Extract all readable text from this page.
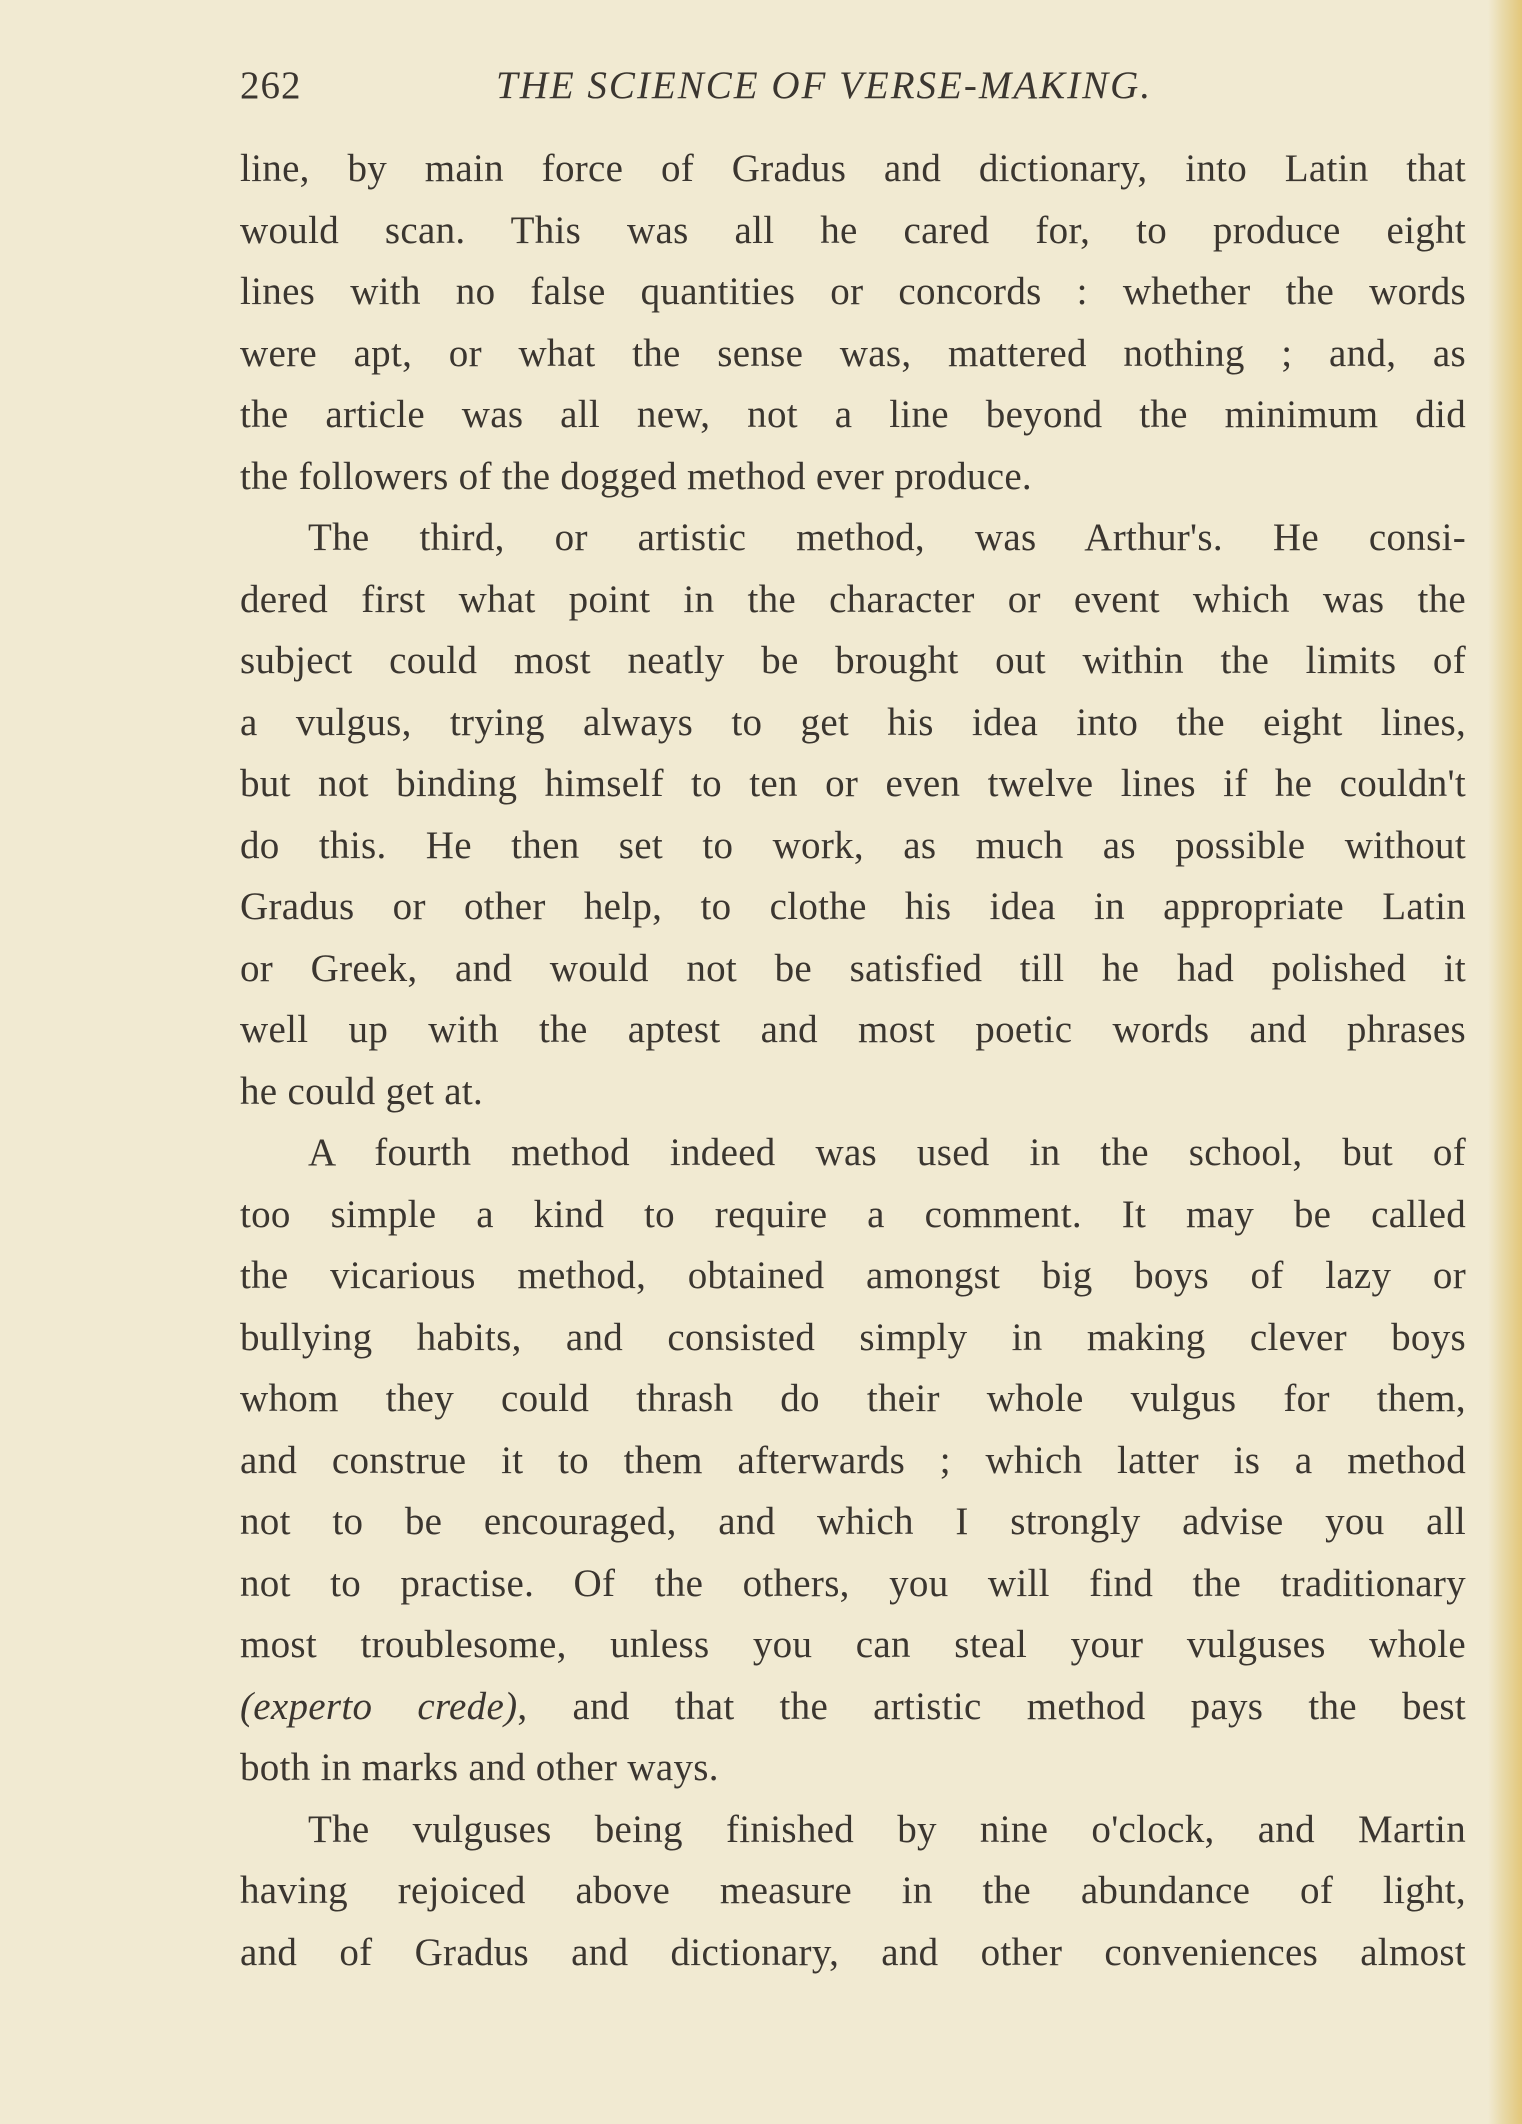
262	THE SCIENCE OF VERSE-MAKING.
line, by main force of Gradus and dictionary, into Latin that
would scan. This was all he cared for, to produce eight
lines with no false quantities or concords : whether the words
were apt, or what the sense was, mattered nothing ; and, as
the article was all new, not a line beyond the minimum did
the followers of the dogged method ever produce.
The third, or artistic method, was Arthur's. He consi-
dered first what point in the character or event which was the
subject could most neatly be brought out within the limits of
a vulgus, trying always to get his idea into the eight lines,
but not binding himself to ten or even twelve lines if he couldn't
do this. He then set to work, as much as possible without
Gradus or other help, to clothe his idea in appropriate Latin
or Greek, and would not be satisfied till he had polished it
well up with the aptest and most poetic words and phrases
he could get at.
A fourth method indeed was used in the school, but of
too simple a kind to require a comment. It may be called
the vicarious method, obtained amongst big boys of lazy or
bullying habits, and consisted simply in making clever boys
whom they could thrash do their whole vulgus for them,
and construe it to them afterwards ; which latter is a method
not to be encouraged, and which I strongly advise you all
not to practise. Of the others, you will find the traditionary
most troublesome, unless you can steal your vulguses whole
(experto crede), and that the artistic method pays the best
both in marks and other ways.
The vulguses being finished by nine o'clock, and Martin
having rejoiced above measure in the abundance of light,
and of Gradus and dictionary, and other conveniences almost
